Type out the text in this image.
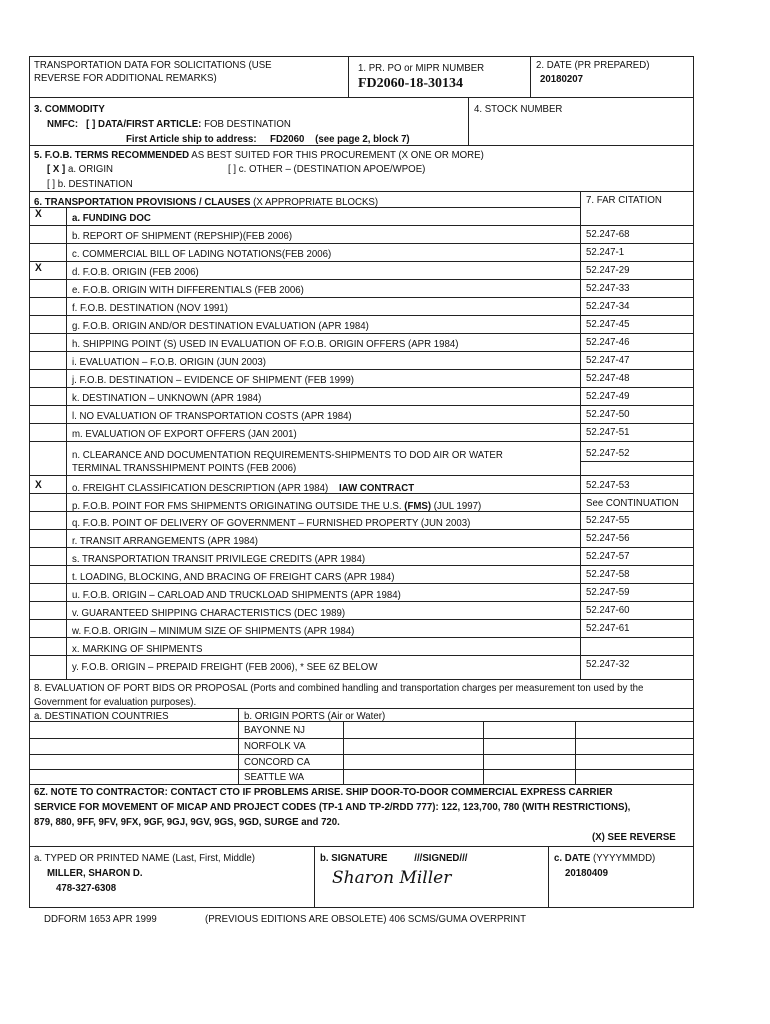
TRANSPORTATION DATA FOR SOLICITATIONS (USE
REVERSE FOR ADDITIONAL REMARKS)
1. PR. PO or MIPR NUMBER
FD2060-18-30134
2. DATE (PR PREPARED)
20180207
3. COMMODITY	4. STOCK NUMBER
NMFC: [ ] DATA/FIRST ARTICLE: FOB DESTINATION
First Article ship to address: FD2060 (see page 2, block 7)
5. F.O.B. TERMS RECOMMENDED AS BEST SUITED FOR THIS PROCUREMENT (X ONE OR MORE)
[ X ] a. ORIGIN	[ ] c. OTHER – (DESTINATION APOE/WPOE)
[ ] b. DESTINATION
6. TRANSPORTATION PROVISIONS / CLAUSES (X APPROPRIATE BLOCKS)	7. FAR CITATION
X	a. FUNDING DOC
b. REPORT OF SHIPMENT (REPSHIP)(FEB 2006)	52.247-68
c. COMMERCIAL BILL OF LADING NOTATIONS(FEB 2006)	52.247-1
X	d. F.O.B. ORIGIN (FEB 2006)	52.247-29
e. F.O.B. ORIGIN WITH DIFFERENTIALS (FEB 2006)	52.247-33
f. F.O.B. DESTINATION (NOV 1991)	52.247-34
g. F.O.B. ORIGIN AND/OR DESTINATION EVALUATION (APR 1984)	52.247-45
h. SHIPPING POINT (S) USED IN EVALUATION OF F.O.B. ORIGIN OFFERS (APR 1984)	52.247-46
i. EVALUATION – F.O.B. ORIGIN (JUN 2003)	52.247-47
j. F.O.B. DESTINATION – EVIDENCE OF SHIPMENT (FEB 1999)	52.247-48
k. DESTINATION – UNKNOWN (APR 1984)	52.247-49
l. NO EVALUATION OF TRANSPORTATION COSTS (APR 1984)	52.247-50
m. EVALUATION OF EXPORT OFFERS (JAN 2001)	52.247-51
n. CLEARANCE AND DOCUMENTATION REQUIREMENTS-SHIPMENTS TO DOD AIR OR WATER
TERMINAL TRANSSHIPMENT POINTS (FEB 2006)
52.247-52
X	o. FREIGHT CLASSIFICATION DESCRIPTION (APR 1984) IAW CONTRACT	52.247-53
p. F.O.B. POINT FOR FMS SHIPMENTS ORIGINATING OUTSIDE THE U.S. (FMS) (JUL 1997)	See CONTINUATION
q. F.O.B. POINT OF DELIVERY OF GOVERNMENT – FURNISHED PROPERTY (JUN 2003)	52.247-55
r. TRANSIT ARRANGEMENTS (APR 1984)	52.247-56
s. TRANSPORTATION TRANSIT PRIVILEGE CREDITS (APR 1984)	52.247-57
t. LOADING, BLOCKING, AND BRACING OF FREIGHT CARS (APR 1984)	52.247-58
u. F.O.B. ORIGIN – CARLOAD AND TRUCKLOAD SHIPMENTS (APR 1984)	52.247-59
v. GUARANTEED SHIPPING CHARACTERISTICS (DEC 1989)	52.247-60
w. F.O.B. ORIGIN – MINIMUM SIZE OF SHIPMENTS (APR 1984)	52.247-61
x. MARKING OF SHIPMENTS
y. F.O.B. ORIGIN – PREPAID FREIGHT (FEB 2006), * SEE 6Z BELOW	52.247-32
8. EVALUATION OF PORT BIDS OR PROPOSAL (Ports and combined handling and transportation charges per measurement ton used by the
Government for evaluation purposes).
a. DESTINATION COUNTRIES	b. ORIGIN PORTS (Air or Water)
BAYONNE NJ
NORFOLK VA
CONCORD CA
SEATTLE WA
6Z. NOTE TO CONTRACTOR: CONTACT CTO IF PROBLEMS ARISE. SHIP DOOR-TO-DOOR COMMERCIAL EXPRESS CARRIER
SERVICE FOR MOVEMENT OF MICAP AND PROJECT CODES (TP-1 AND TP-2/RDD 777): 122, 123,700, 780 (WITH RESTRICTIONS),
879, 880, 9FF, 9FV, 9FX, 9GF, 9GJ, 9GV, 9GS, 9GD, SURGE and 720.
(X) SEE REVERSE
a. TYPED OR PRINTED NAME (Last, First, Middle)
MILLER, SHARON D.
478-327-6308
b. SIGNATURE	///SIGNED///
Sharon Miller
c. DATE (YYYYMMDD)
20180409
DDFORM 1653 APR 1999	(PREVIOUS EDITIONS ARE OBSOLETE) 406 SCMS/GUMA OVERPRINT
